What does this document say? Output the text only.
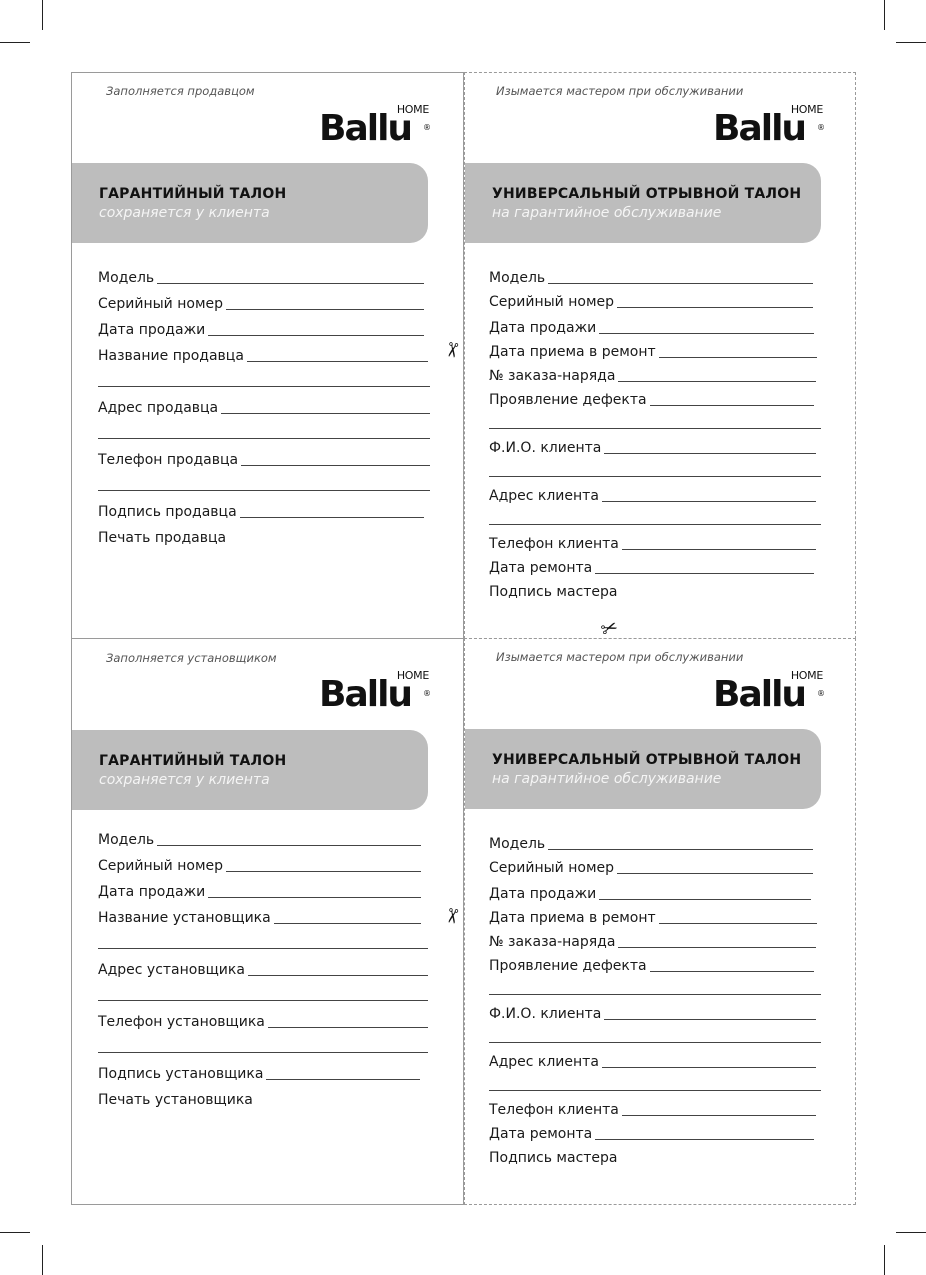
Заполняется продавцом
Ballu
HOME
®
ГАРАНТИЙНЫЙ ТАЛОН
сохраняется у клиента
Модель
Серийный номер
Дата продажи
Название продавца
Адрес продавца
Телефон продавца
Подпись продавца
Печать продавца
Изымается мастером при обслуживании
Ballu
HOME
®
УНИВЕРСАЛЬНЫЙ ОТРЫВНОЙ ТАЛОН
на гарантийное обслуживание
Модель
Серийный номер
Дата продажи
Дата приема в ремонт
№ заказа-наряда
Проявление дефекта
Ф.И.О. клиента
Адрес клиента
Телефон клиента
Дата ремонта
Подпись мастера
Заполняется установщиком
Ballu
HOME
®
ГАРАНТИЙНЫЙ ТАЛОН
сохраняется у клиента
Модель
Серийный номер
Дата продажи
Название установщика
Адрес установщика
Телефон установщика
Подпись установщика
Печать установщика
Изымается мастером при обслуживании
Ballu
HOME
®
УНИВЕРСАЛЬНЫЙ ОТРЫВНОЙ ТАЛОН
на гарантийное обслуживание
Модель
Серийный номер
Дата продажи
Дата приема в ремонт
№ заказа-наряда
Проявление дефекта
Ф.И.О. клиента
Адрес клиента
Телефон клиента
Дата ремонта
Подпись мастера
✂
✂
✂
